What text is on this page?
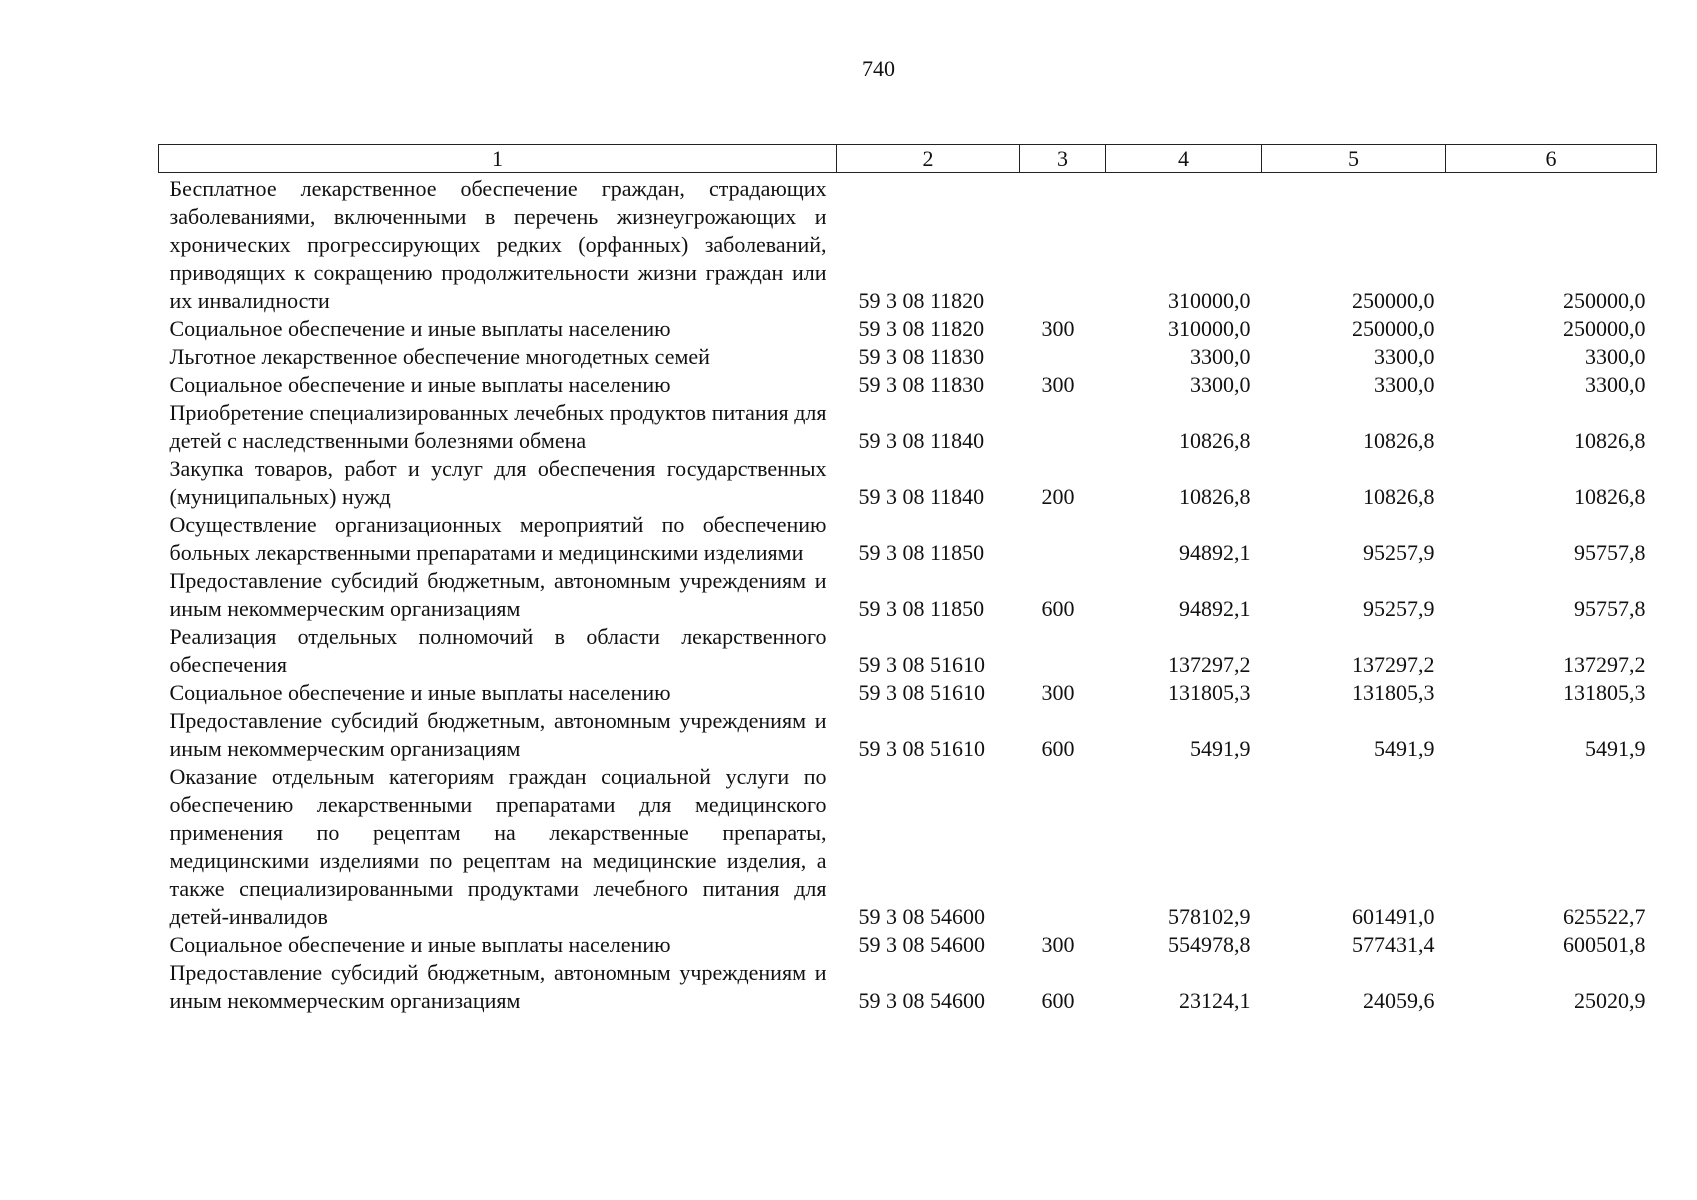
740
1	2	3	4	5	6
Бесплатное лекарственное обеспечение граждан, страдающих заболеваниями, включенными в перечень жизнеугрожающих и хронических прогрессирующих редких (орфанных) заболеваний, приводящих к сокращению продолжительности жизни граждан или их инвалидности	59 3 08 11820		310000,0	250000,0	250000,0
Социальное обеспечение и иные выплаты населению	59 3 08 11820	300	310000,0	250000,0	250000,0
Льготное лекарственное обеспечение многодетных семей	59 3 08 11830		3300,0	3300,0	3300,0
Социальное обеспечение и иные выплаты населению	59 3 08 11830	300	3300,0	3300,0	3300,0
Приобретение специализированных лечебных продуктов питания для детей с наследственными болезнями обмена	59 3 08 11840		10826,8	10826,8	10826,8
Закупка товаров, работ и услуг для обеспечения государственных (муниципальных) нужд	59 3 08 11840	200	10826,8	10826,8	10826,8
Осуществление организационных мероприятий по обеспечению больных лекарственными препаратами и медицинскими изделиями	59 3 08 11850		94892,1	95257,9	95757,8
Предоставление субсидий бюджетным, автономным учреждениям и иным некоммерческим организациям	59 3 08 11850	600	94892,1	95257,9	95757,8
Реализация отдельных полномочий в области лекарственного обеспечения	59 3 08 51610		137297,2	137297,2	137297,2
Социальное обеспечение и иные выплаты населению	59 3 08 51610	300	131805,3	131805,3	131805,3
Предоставление субсидий бюджетным, автономным учреждениям и иным некоммерческим организациям	59 3 08 51610	600	5491,9	5491,9	5491,9
Оказание отдельным категориям граждан социальной услуги по обеспечению лекарственными препаратами для медицинского применения по рецептам на лекарственные препараты, медицинскими изделиями по рецептам на медицинские изделия, а также специализированными продуктами лечебного питания для детей-инвалидов	59 3 08 54600		578102,9	601491,0	625522,7
Социальное обеспечение и иные выплаты населению	59 3 08 54600	300	554978,8	577431,4	600501,8
Предоставление субсидий бюджетным, автономным учреждениям и иным некоммерческим организациям	59 3 08 54600	600	23124,1	24059,6	25020,9
